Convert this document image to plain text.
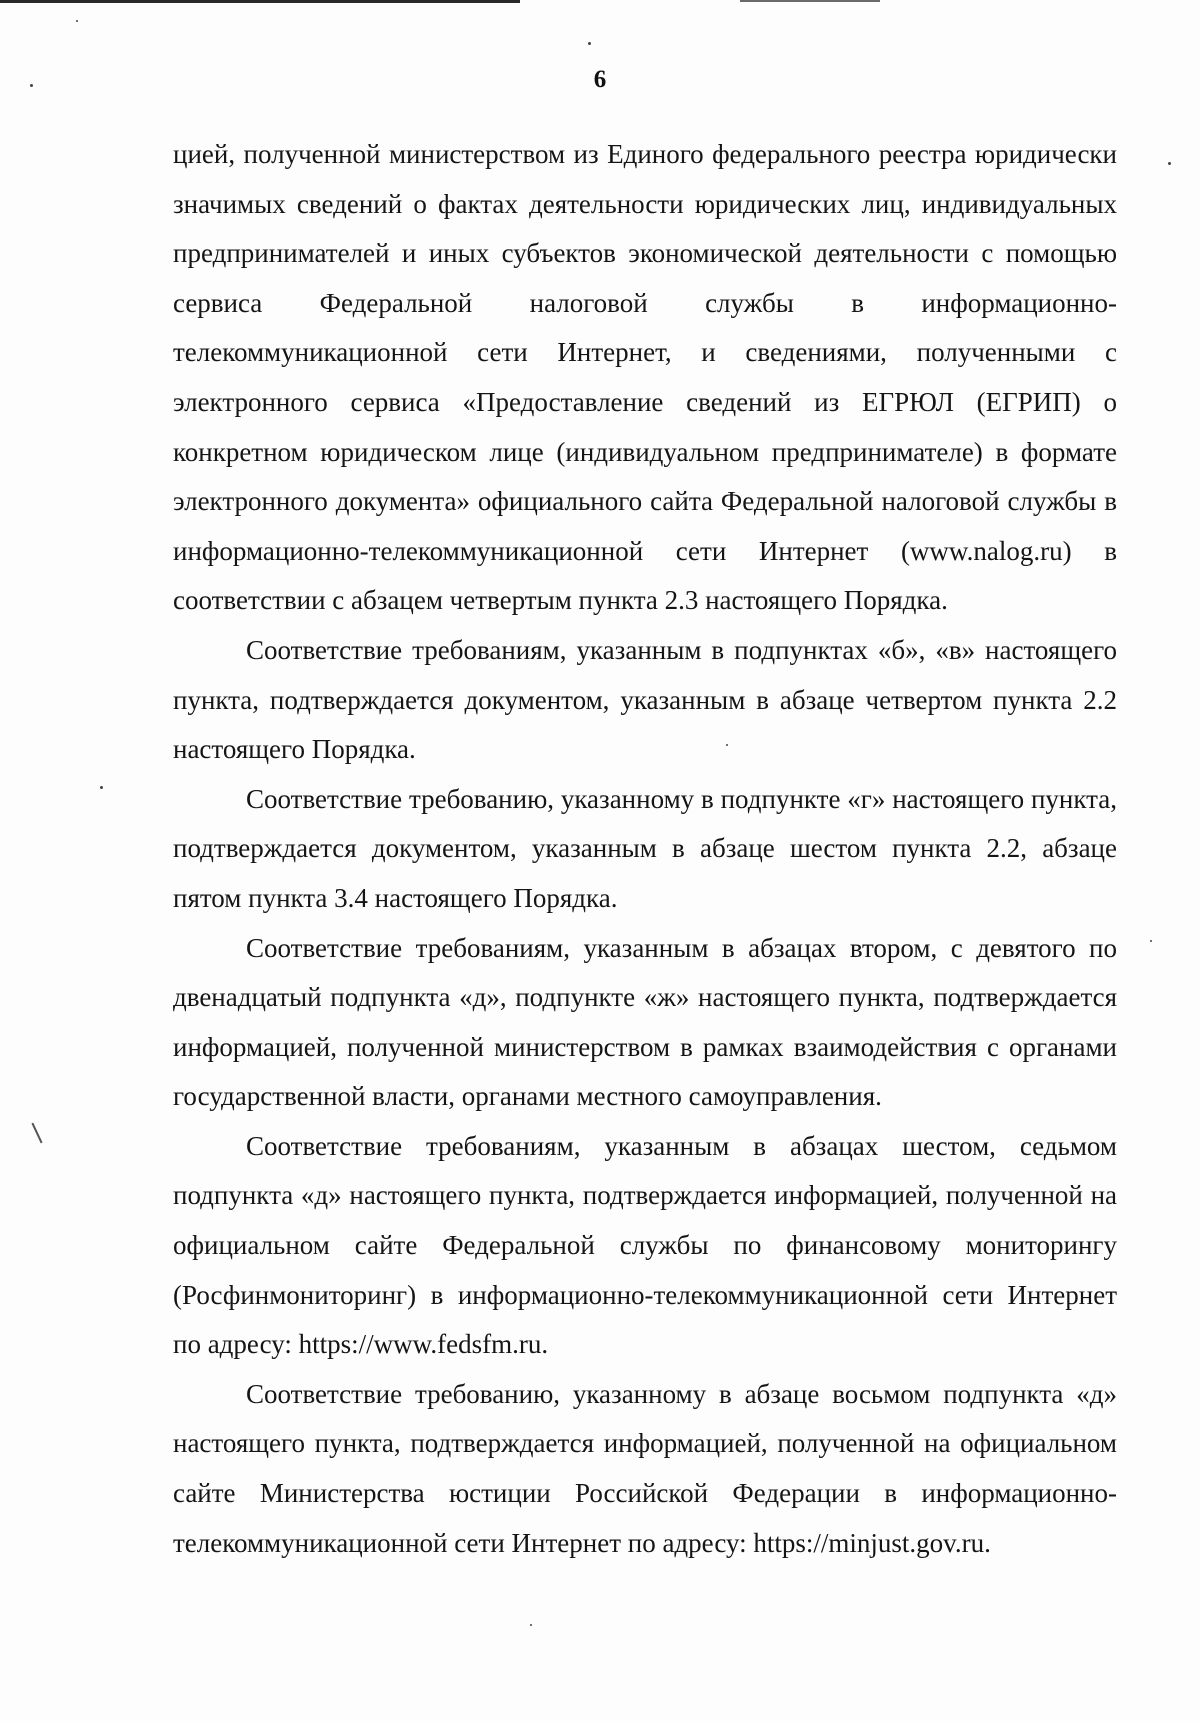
6

цией, полученной министерством из Единого федерального реестра юридически значимых сведений о фактах деятельности юридических лиц, индивидуальных предпринимателей и иных субъектов экономической деятельности с помощью сервиса Федеральной налоговой службы в информационно-телекоммуникационной сети Интернет, и сведениями, полученными с электронного сервиса «Предоставление сведений из ЕГРЮЛ (ЕГРИП) о конкретном юридическом лице (индивидуальном предпринимателе) в формате электронного документа» официального сайта Федеральной налоговой службы в информационно-телекоммуникационной сети Интернет (www.nalog.ru) в соответствии с абзацем четвертым пункта 2.3 настоящего Порядка.

Соответствие требованиям, указанным в подпунктах «б», «в» настоящего пункта, подтверждается документом, указанным в абзаце четвертом пункта 2.2 настоящего Порядка.

Соответствие требованию, указанному в подпункте «г» настоящего пункта, подтверждается документом, указанным в абзаце шестом пункта 2.2, абзаце пятом пункта 3.4 настоящего Порядка.

Соответствие требованиям, указанным в абзацах втором, с девятого по двенадцатый подпункта «д», подпункте «ж» настоящего пункта, подтверждается информацией, полученной министерством в рамках взаимодействия с органами государственной власти, органами местного самоуправления.

Соответствие требованиям, указанным в абзацах шестом, седьмом подпункта «д» настоящего пункта, подтверждается информацией, полученной на официальном сайте Федеральной службы по финансовому мониторингу (Росфинмониторинг) в информационно-телекоммуникационной сети Интернет по адресу: https://www.fedsfm.ru.

Соответствие требованию, указанному в абзаце восьмом подпункта «д» настоящего пункта, подтверждается информацией, полученной на официальном сайте Министерства юстиции Российской Федерации в информационно-телекоммуникационной сети Интернет по адресу: https://minjust.gov.ru.
